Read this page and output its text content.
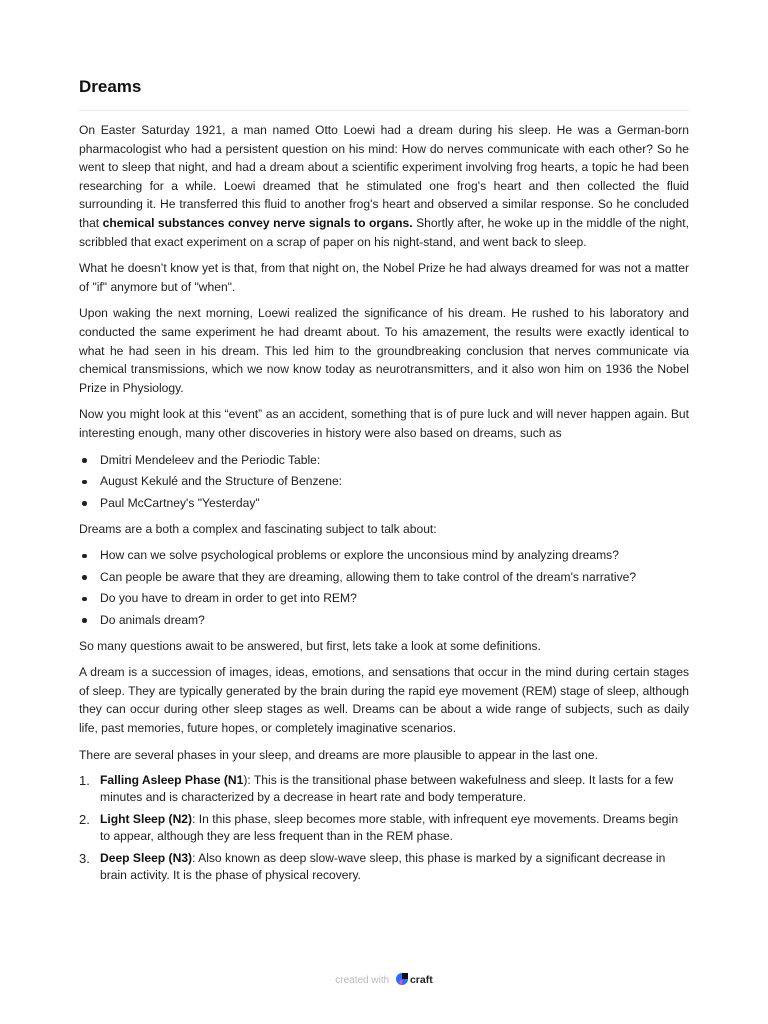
Dreams

On Easter Saturday 1921, a man named Otto Loewi had a dream during his sleep. He was a German-born pharmacologist who had a persistent question on his mind: How do nerves communicate with each other? So he went to sleep that night, and had a dream about a scientific experiment involving frog hearts, a topic he had been researching for a while. Loewi dreamed that he stimulated one frog's heart and then collected the fluid surrounding it. He transferred this fluid to another frog's heart and observed a similar response. So he concluded that chemical substances convey nerve signals to organs. Shortly after, he woke up in the middle of the night, scribbled that exact experiment on a scrap of paper on his night-stand, and went back to sleep.

What he doesn’t know yet is that, from that night on, the Nobel Prize he had always dreamed for was not a matter of "if" anymore but of "when".

Upon waking the next morning, Loewi realized the significance of his dream. He rushed to his laboratory and conducted the same experiment he had dreamt about. To his amazement, the results were exactly identical to what he had seen in his dream. This led him to the groundbreaking conclusion that nerves communicate via chemical transmissions, which we now know today as neurotransmitters, and it also won him on 1936 the Nobel Prize in Physiology.

Now you might look at this “event” as an accident, something that is of pure luck and will never happen again. But interesting enough, many other discoveries in history were also based on dreams, such as

Dmitri Mendeleev and the Periodic Table:
August Kekulé and the Structure of Benzene:
Paul McCartney's "Yesterday"

Dreams are a both a complex and fascinating subject to talk about:

How can we solve psychological problems or explore the unconsious mind by analyzing dreams?
Can people be aware that they are dreaming, allowing them to take control of the dream's narrative?
Do you have to dream in order to get into REM?
Do animals dream?

So many questions await to be answered, but first, lets take a look at some definitions.

A dream is a succession of images, ideas, emotions, and sensations that occur in the mind during certain stages of sleep. They are typically generated by the brain during the rapid eye movement (REM) stage of sleep, although they can occur during other sleep stages as well. Dreams can be about a wide range of subjects, such as daily life, past memories, future hopes, or completely imaginative scenarios.

There are several phases in your sleep, and dreams are more plausible to appear in the last one.

1. Falling Asleep Phase (N1): This is the transitional phase between wakefulness and sleep. It lasts for a few minutes and is characterized by a decrease in heart rate and body temperature.
2. Light Sleep (N2): In this phase, sleep becomes more stable, with infrequent eye movements. Dreams begin to appear, although they are less frequent than in the REM phase.
3. Deep Sleep (N3): Also known as deep slow-wave sleep, this phase is marked by a significant decrease in brain activity. It is the phase of physical recovery.
created with craft
